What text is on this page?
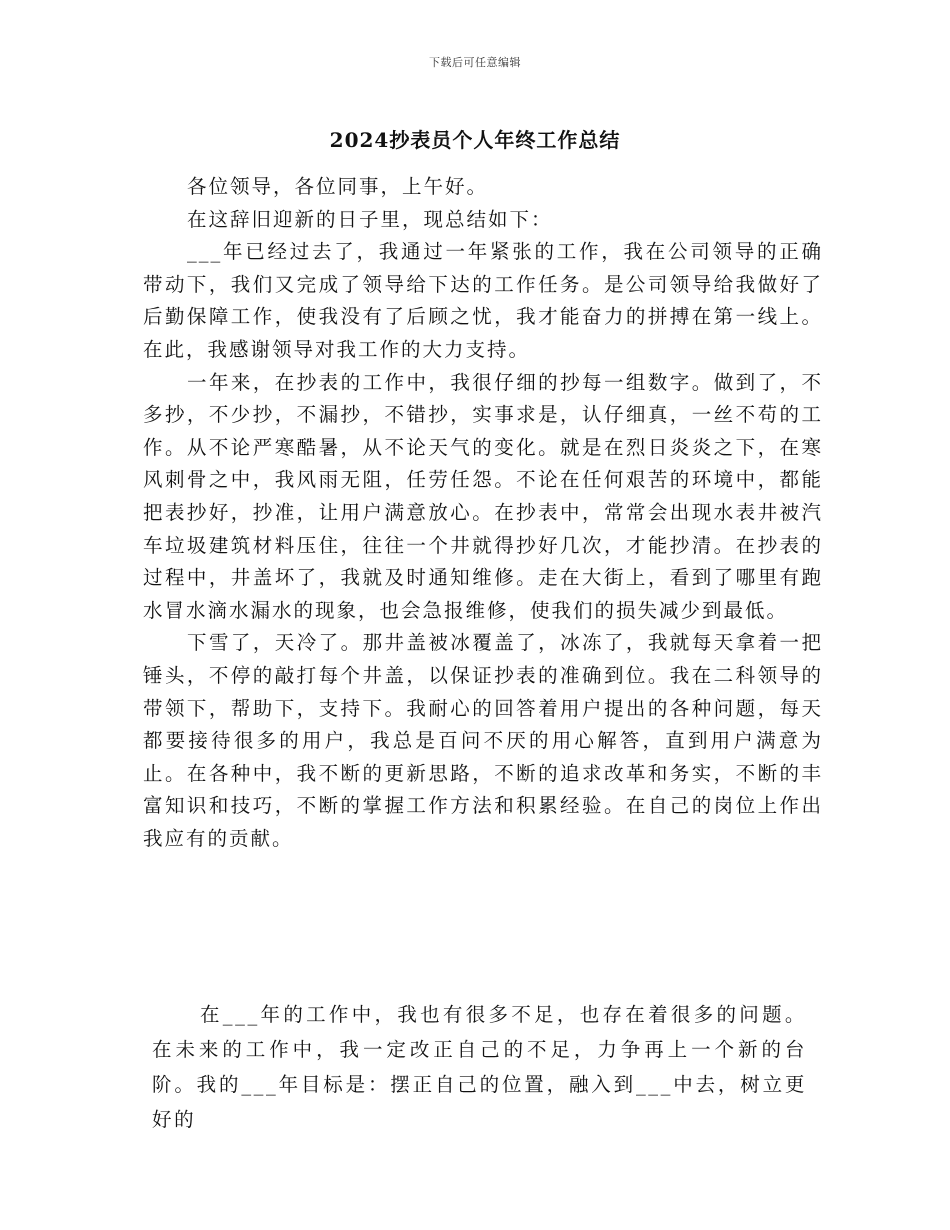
下载后可任意编辑
2024抄表员个人年终工作总结

各位领导，各位同事，上午好。

在这辞旧迎新的日子里，现总结如下：

___年已经过去了，我通过一年紧张的工作，我在公司领导的正确带动下，我们又完成了领导给下达的工作任务。是公司领导给我做好了后勤保障工作，使我没有了后顾之忧，我才能奋力的拼搏在第一线上。在此，我感谢领导对我工作的大力支持。

一年来，在抄表的工作中，我很仔细的抄每一组数字。做到了，不多抄，不少抄，不漏抄，不错抄，实事求是，认仔细真，一丝不苟的工作。从不论严寒酷暑，从不论天气的变化。就是在烈日炎炎之下，在寒风刺骨之中，我风雨无阻，任劳任怨。不论在任何艰苦的环境中，都能把表抄好，抄准，让用户满意放心。在抄表中，常常会出现水表井被汽车垃圾建筑材料压住，往往一个井就得抄好几次，才能抄清。在抄表的过程中，井盖坏了，我就及时通知维修。走在大街上，看到了哪里有跑水冒水滴水漏水的现象，也会急报维修，使我们的损失减少到最低。

下雪了，天冷了。那井盖被冰覆盖了，冰冻了，我就每天拿着一把锤头，不停的敲打每个井盖，以保证抄表的准确到位。我在二科领导的带领下，帮助下，支持下。我耐心的回答着用户提出的各种问题，每天都要接待很多的用户，我总是百问不厌的用心解答，直到用户满意为止。在各种中，我不断的更新思路，不断的追求改革和务实，不断的丰富知识和技巧，不断的掌握工作方法和积累经验。在自己的岗位上作出我应有的贡献。

在___年的工作中，我也有很多不足，也存在着很多的问题。在未来的工作中，我一定改正自己的不足，力争再上一个新的台阶。我的___年目标是：摆正自己的位置，融入到___中去，树立更好的
